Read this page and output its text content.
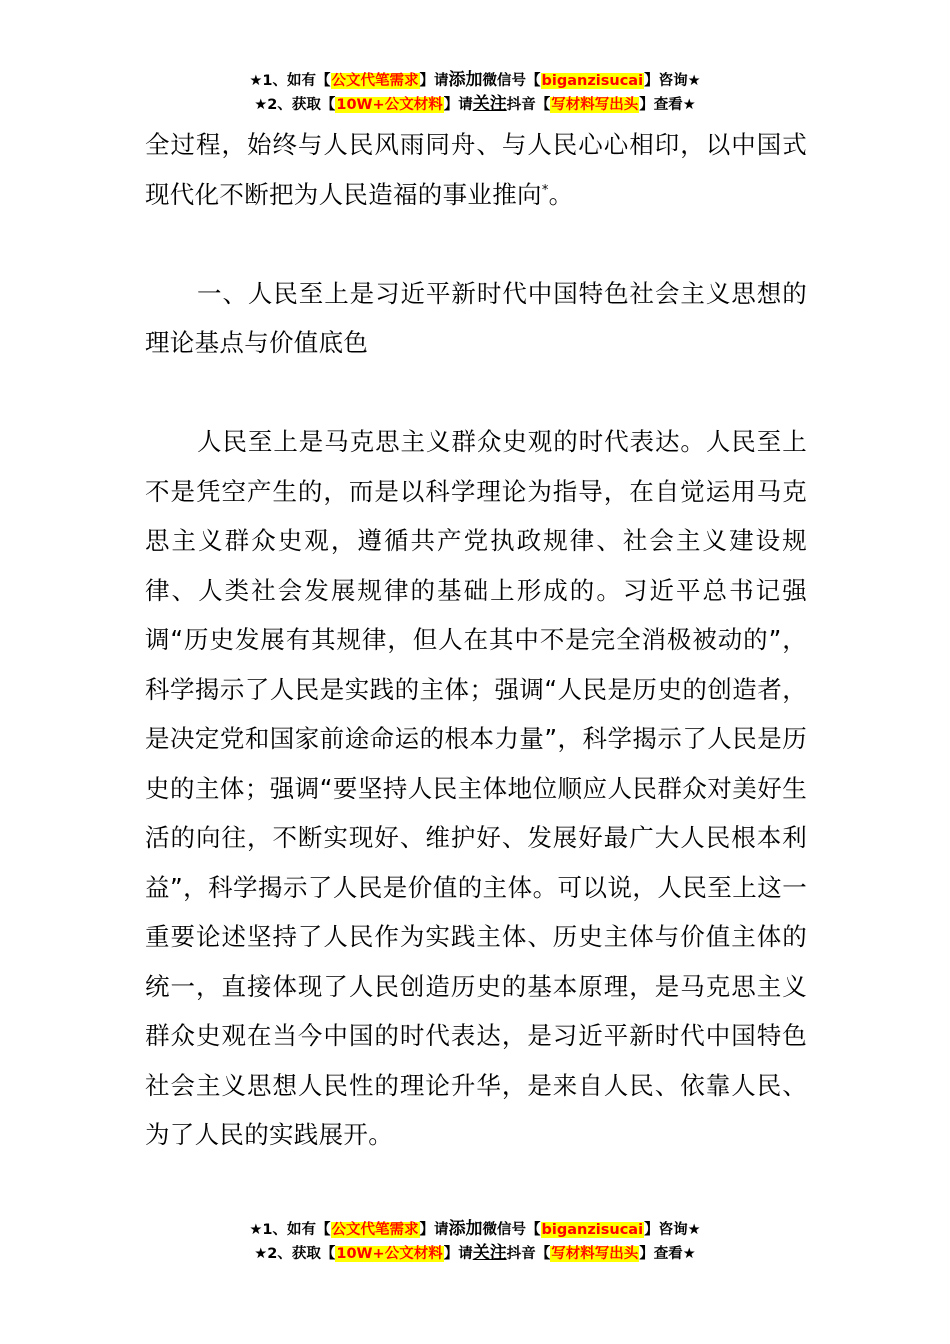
★1、如有【公文代笔需求】请添加微信号【biganzisucai】咨询★
★2、获取【10W+公文材料】请关注抖音【写材料写出头】查看★

全过程，始终与人民风雨同舟、与人民心心相印，以中国式现代化不断把为人民造福的事业推向*。

一、人民至上是习近平新时代中国特色社会主义思想的理论基点与价值底色

人民至上是马克思主义群众史观的时代表达。人民至上不是凭空产生的，而是以科学理论为指导，在自觉运用马克思主义群众史观，遵循共产党执政规律、社会主义建设规律、人类社会发展规律的基础上形成的。习近平总书记强调“历史发展有其规律，但人在其中不是完全消极被动的”，科学揭示了人民是实践的主体；强调“人民是历史的创造者，是决定党和国家前途命运的根本力量”，科学揭示了人民是历史的主体；强调“要坚持人民主体地位顺应人民群众对美好生活的向往，不断实现好、维护好、发展好最广大人民根本利益”，科学揭示了人民是价值的主体。可以说，人民至上这一重要论述坚持了人民作为实践主体、历史主体与价值主体的统一，直接体现了人民创造历史的基本原理，是马克思主义群众史观在当今中国的时代表达，是习近平新时代中国特色社会主义思想人民性的理论升华，是来自人民、依靠人民、为了人民的实践展开。

★1、如有【公文代笔需求】请添加微信号【biganzisucai】咨询★
★2、获取【10W+公文材料】请关注抖音【写材料写出头】查看★
